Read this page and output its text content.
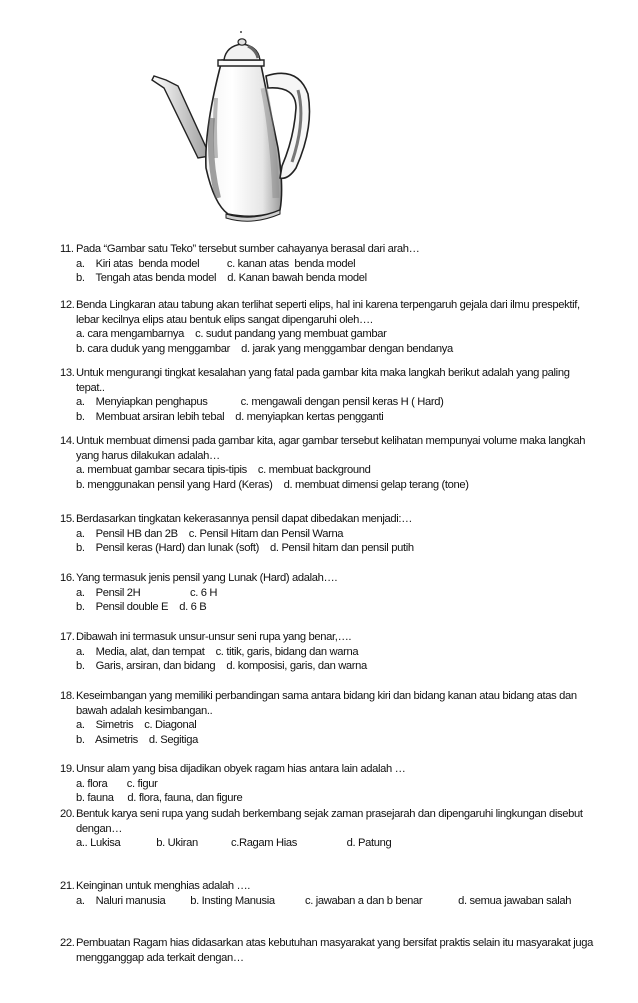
11. Pada “Gambar satu Teko” tersebut sumber cahayanya berasal dari arah…
a.    Kiri atas  benda model          c. kanan atas  benda model
b.    Tengah atas benda model    d. Kanan bawah benda model
12. Benda Lingkaran atau tabung akan terlihat seperti elips, hal ini karena terpengaruh gejala dari ilmu prespektif, lebar kecilnya elips atau bentuk elips sangat dipengaruhi oleh….
a. cara mengambarnya    c. sudut pandang yang membuat gambar
b. cara duduk yang menggambar    d. jarak yang menggambar dengan bendanya
13. Untuk mengurangi tingkat kesalahan yang fatal pada gambar kita maka langkah berikut adalah yang paling tepat..
a.    Menyiapkan penghapus            c. mengawali dengan pensil keras H ( Hard)
b.    Membuat arsiran lebih tebal    d. menyiapkan kertas pengganti
14. Untuk membuat dimensi pada gambar kita, agar gambar tersebut kelihatan mempunyai volume maka langkah yang harus dilakukan adalah…
a. membuat gambar secara tipis-tipis    c. membuat background
b. menggunakan pensil yang Hard (Keras)    d. membuat dimensi gelap terang (tone)
15. Berdasarkan tingkatan kekerasannya pensil dapat dibedakan menjadi:…
a.    Pensil HB dan 2B    c. Pensil Hitam dan Pensil Warna
b.    Pensil keras (Hard) dan lunak (soft)    d. Pensil hitam dan pensil putih
16. Yang termasuk jenis pensil yang Lunak (Hard) adalah….
a.    Pensil 2H                  c. 6 H
b.    Pensil double E    d. 6 B
17. Dibawah ini termasuk unsur-unsur seni rupa yang benar,….
a.    Media, alat, dan tempat    c. titik, garis, bidang dan warna
b.    Garis, arsiran, dan bidang    d. komposisi, garis, dan warna
18. Keseimbangan yang memiliki perbandingan sama antara bidang kiri dan bidang kanan atau bidang atas dan bawah adalah kesimbangan..
a.    Simetris    c. Diagonal
b.    Asimetris    d. Segitiga
19. Unsur alam yang bisa dijadikan obyek ragam hias antara lain adalah …
a. flora       c. figur
b. fauna     d. flora, fauna, dan figure
20. Bentuk karya seni rupa yang sudah berkembang sejak zaman prasejarah dan dipengaruhi lingkungan disebut dengan…
a.. Lukisa             b. Ukiran            c.Ragam Hias                  d. Patung
21. Keinginan untuk menghias adalah ….
a.    Naluri manusia         b. Insting Manusia           c. jawaban a dan b benar             d. semua jawaban salah
22. Pembuatan Ragam hias didasarkan atas kebutuhan masyarakat yang bersifat praktis selain itu masyarakat juga mengganggap ada terkait dengan…
